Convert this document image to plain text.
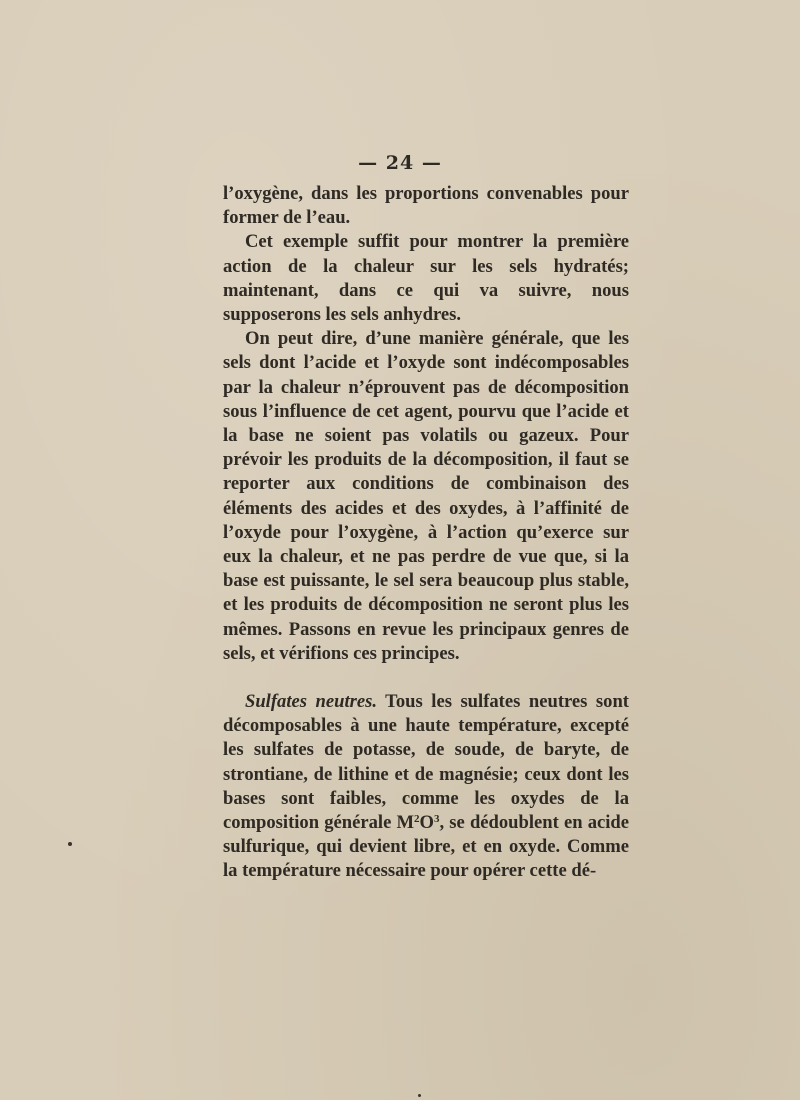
— 24 —

l’oxygène, dans les proportions convenables pour former de l’eau.

Cet exemple suffit pour montrer la première action de la chaleur sur les sels hydratés; maintenant, dans ce qui va suivre, nous supposerons les sels anhydres.

On peut dire, d’une manière générale, que les sels dont l’acide et l’oxyde sont indécomposables par la chaleur n’éprouvent pas de décomposition sous l’influence de cet agent, pourvu que l’acide et la base ne soient pas volatils ou gazeux. Pour prévoir les produits de la décomposition, il faut se reporter aux conditions de combinaison des éléments des acides et des oxydes, à l’affinité de l’oxyde pour l’oxygène, à l’action qu’exerce sur eux la chaleur, et ne pas perdre de vue que, si la base est puissante, le sel sera beaucoup plus stable, et les produits de décomposition ne seront plus les mêmes. Passons en revue les principaux genres de sels, et vérifions ces principes.

Sulfates neutres. Tous les sulfates neutres sont décomposables à une haute température, excepté les sulfates de potasse, de soude, de baryte, de strontiane, de lithine et de magnésie; ceux dont les bases sont faibles, comme les oxydes de la composition générale $M^2O^3$, se dédoublent en acide sulfurique, qui devient libre, et en oxyde. Comme la température nécessaire pour opérer cette dé-
